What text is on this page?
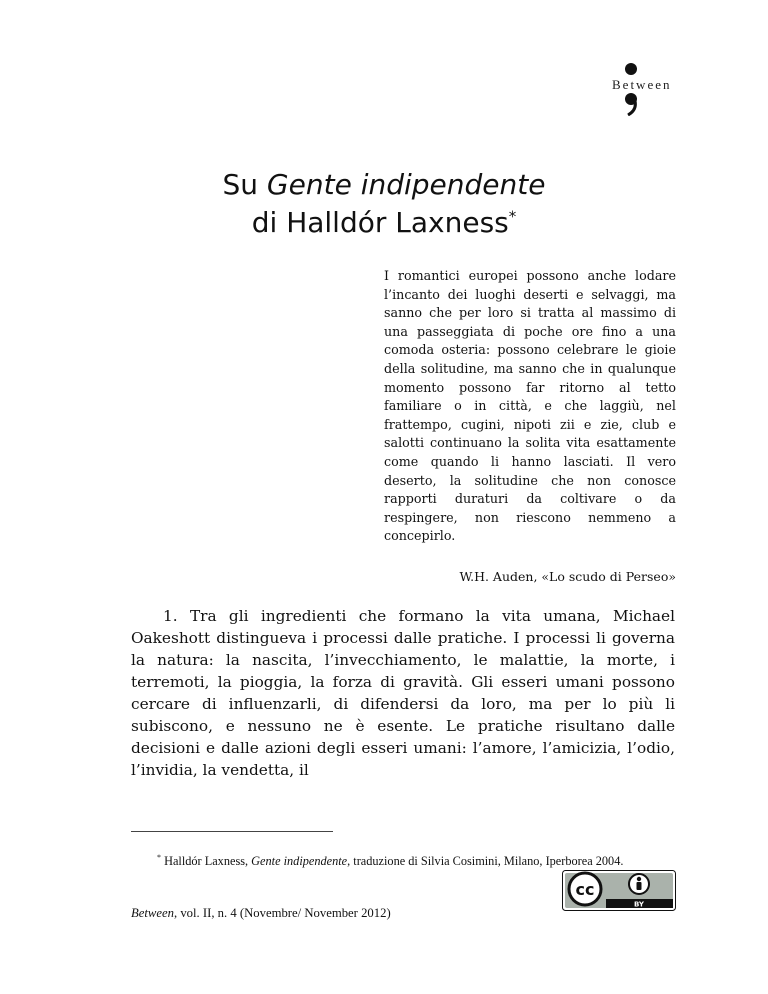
Between
Su Gente indipendente
di Halldór Laxness*

I romantici europei possono anche lodare l’incanto dei luoghi deserti e selvaggi, ma sanno che per loro si tratta al massimo di una passeggiata di poche ore fino a una comoda osteria: possono celebrare le gioie della solitudine, ma sanno che in qualunque momento possono far ritorno al tetto familiare o in città, e che laggiù, nel frattempo, cugini, nipoti zii e zie, club e salotti continuano la solita vita esattamente come quando li hanno lasciati. Il vero deserto, la solitudine che non conosce rapporti duraturi da coltivare o da respingere, non riescono nemmeno a concepirlo.

W.H. Auden, «Lo scudo di Perseo»

1. Tra gli ingredienti che formano la vita umana, Michael Oakeshott distingueva i processi dalle pratiche. I processi li governa la natura: la nascita, l’invecchiamento, le malattie, la morte, i terremoti, la pioggia, la forza di gravità. Gli esseri umani possono cercare di influenzarli, di difendersi da loro, ma per lo più li subiscono, e nessuno ne è esente. Le pratiche risultano dalle decisioni e dalle azioni degli esseri umani: l’amore, l’amicizia, l’odio, l’invidia, la vendetta, il

* Halldór Laxness, Gente indipendente, traduzione di Silvia Cosimini, Milano, Iperborea 2004.

Between, vol. II, n. 4 (Novembre/ November 2012)
cc
BY
